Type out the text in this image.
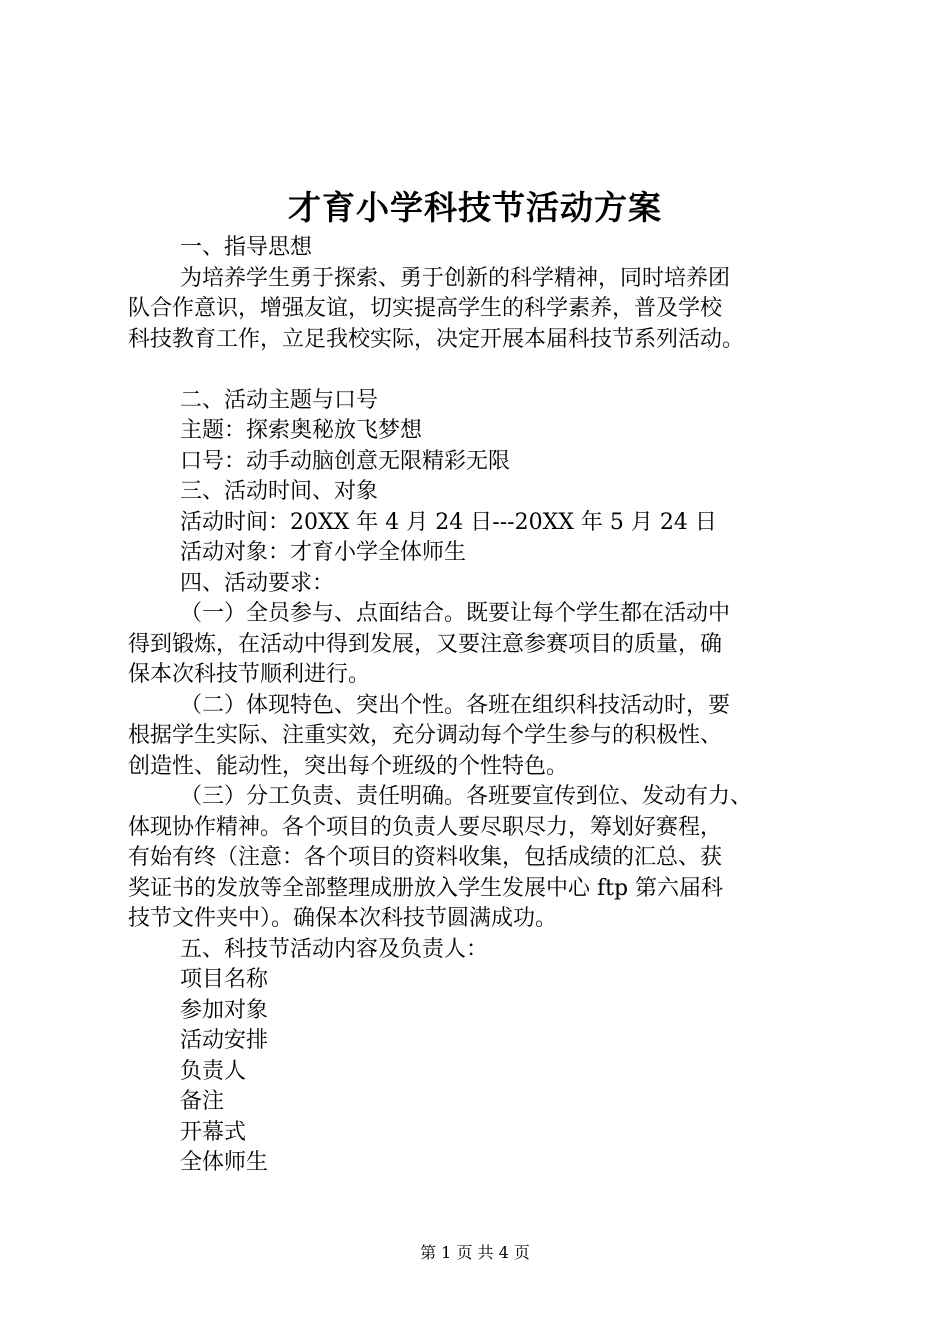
才育小学科技节活动方案
一、指导思想
为培养学生勇于探索、勇于创新的科学精神，同时培养团
队合作意识，增强友谊，切实提高学生的科学素养，普及学校
科技教育工作，立足我校实际，决定开展本届科技节系列活动。
二、活动主题与口号
主题：探索奥秘放飞梦想
口号：动手动脑创意无限精彩无限
三、活动时间、对象
活动时间：20XX 年 4 月 24 日---20XX 年 5 月 24 日
活动对象：才育小学全体师生
四、活动要求：
（一）全员参与、点面结合。既要让每个学生都在活动中
得到锻炼，在活动中得到发展，又要注意参赛项目的质量，确
保本次科技节顺利进行。
（二）体现特色、突出个性。各班在组织科技活动时，要
根据学生实际、注重实效，充分调动每个学生参与的积极性、
创造性、能动性，突出每个班级的个性特色。
（三）分工负责、责任明确。各班要宣传到位、发动有力、
体现协作精神。各个项目的负责人要尽职尽力，筹划好赛程，
有始有终（注意：各个项目的资料收集，包括成绩的汇总、获
奖证书的发放等全部整理成册放入学生发展中心 ftp 第六届科
技节文件夹中）。确保本次科技节圆满成功。
五、科技节活动内容及负责人：
项目名称
参加对象
活动安排
负责人
备注
开幕式
全体师生
第 1 页 共 4 页
